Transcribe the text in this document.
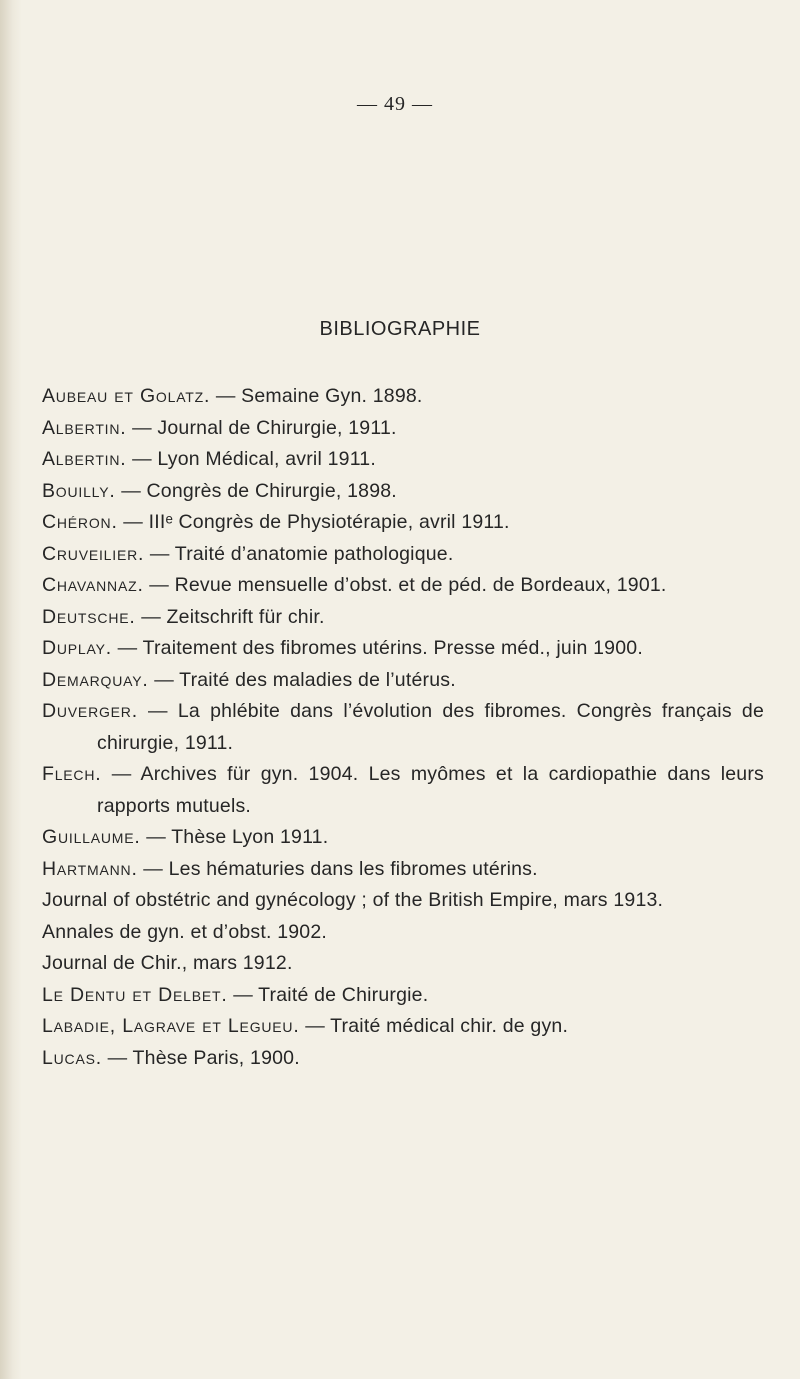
— 49 —
BIBLIOGRAPHIE
Aubeau et Golatz. — Semaine Gyn. 1898.
Albertin. — Journal de Chirurgie, 1911.
Albertin. — Lyon Médical, avril 1911.
Bouilly. — Congrès de Chirurgie, 1898.
Chéron. — IIIᵉ Congrès de Physiotérapie, avril 1911.
Cruveilier. — Traité d’anatomie pathologique.
Chavannaz. — Revue mensuelle d’obst. et de péd. de Bordeaux, 1901.
Deutsche. — Zeitschrift für chir.
Duplay. — Traitement des fibromes utérins. Presse méd., juin 1900.
Demarquay. — Traité des maladies de l’utérus.
Duverger. — La phlébite dans l’évolution des fibromes. Congrès français de chirurgie, 1911.
Flech. — Archives für gyn. 1904. Les myômes et la cardiopathie dans leurs rapports mutuels.
Guillaume. — Thèse Lyon 1911.
Hartmann. — Les hématuries dans les fibromes utérins.
Journal of obstétric and gynécology ; of the British Empire, mars 1913.
Annales de gyn. et d’obst. 1902.
Journal de Chir., mars 1912.
Le Dentu et Delbet. — Traité de Chirurgie.
Labadie, Lagrave et Legueu. — Traité médical chir. de gyn.
Lucas. — Thèse Paris, 1900.
